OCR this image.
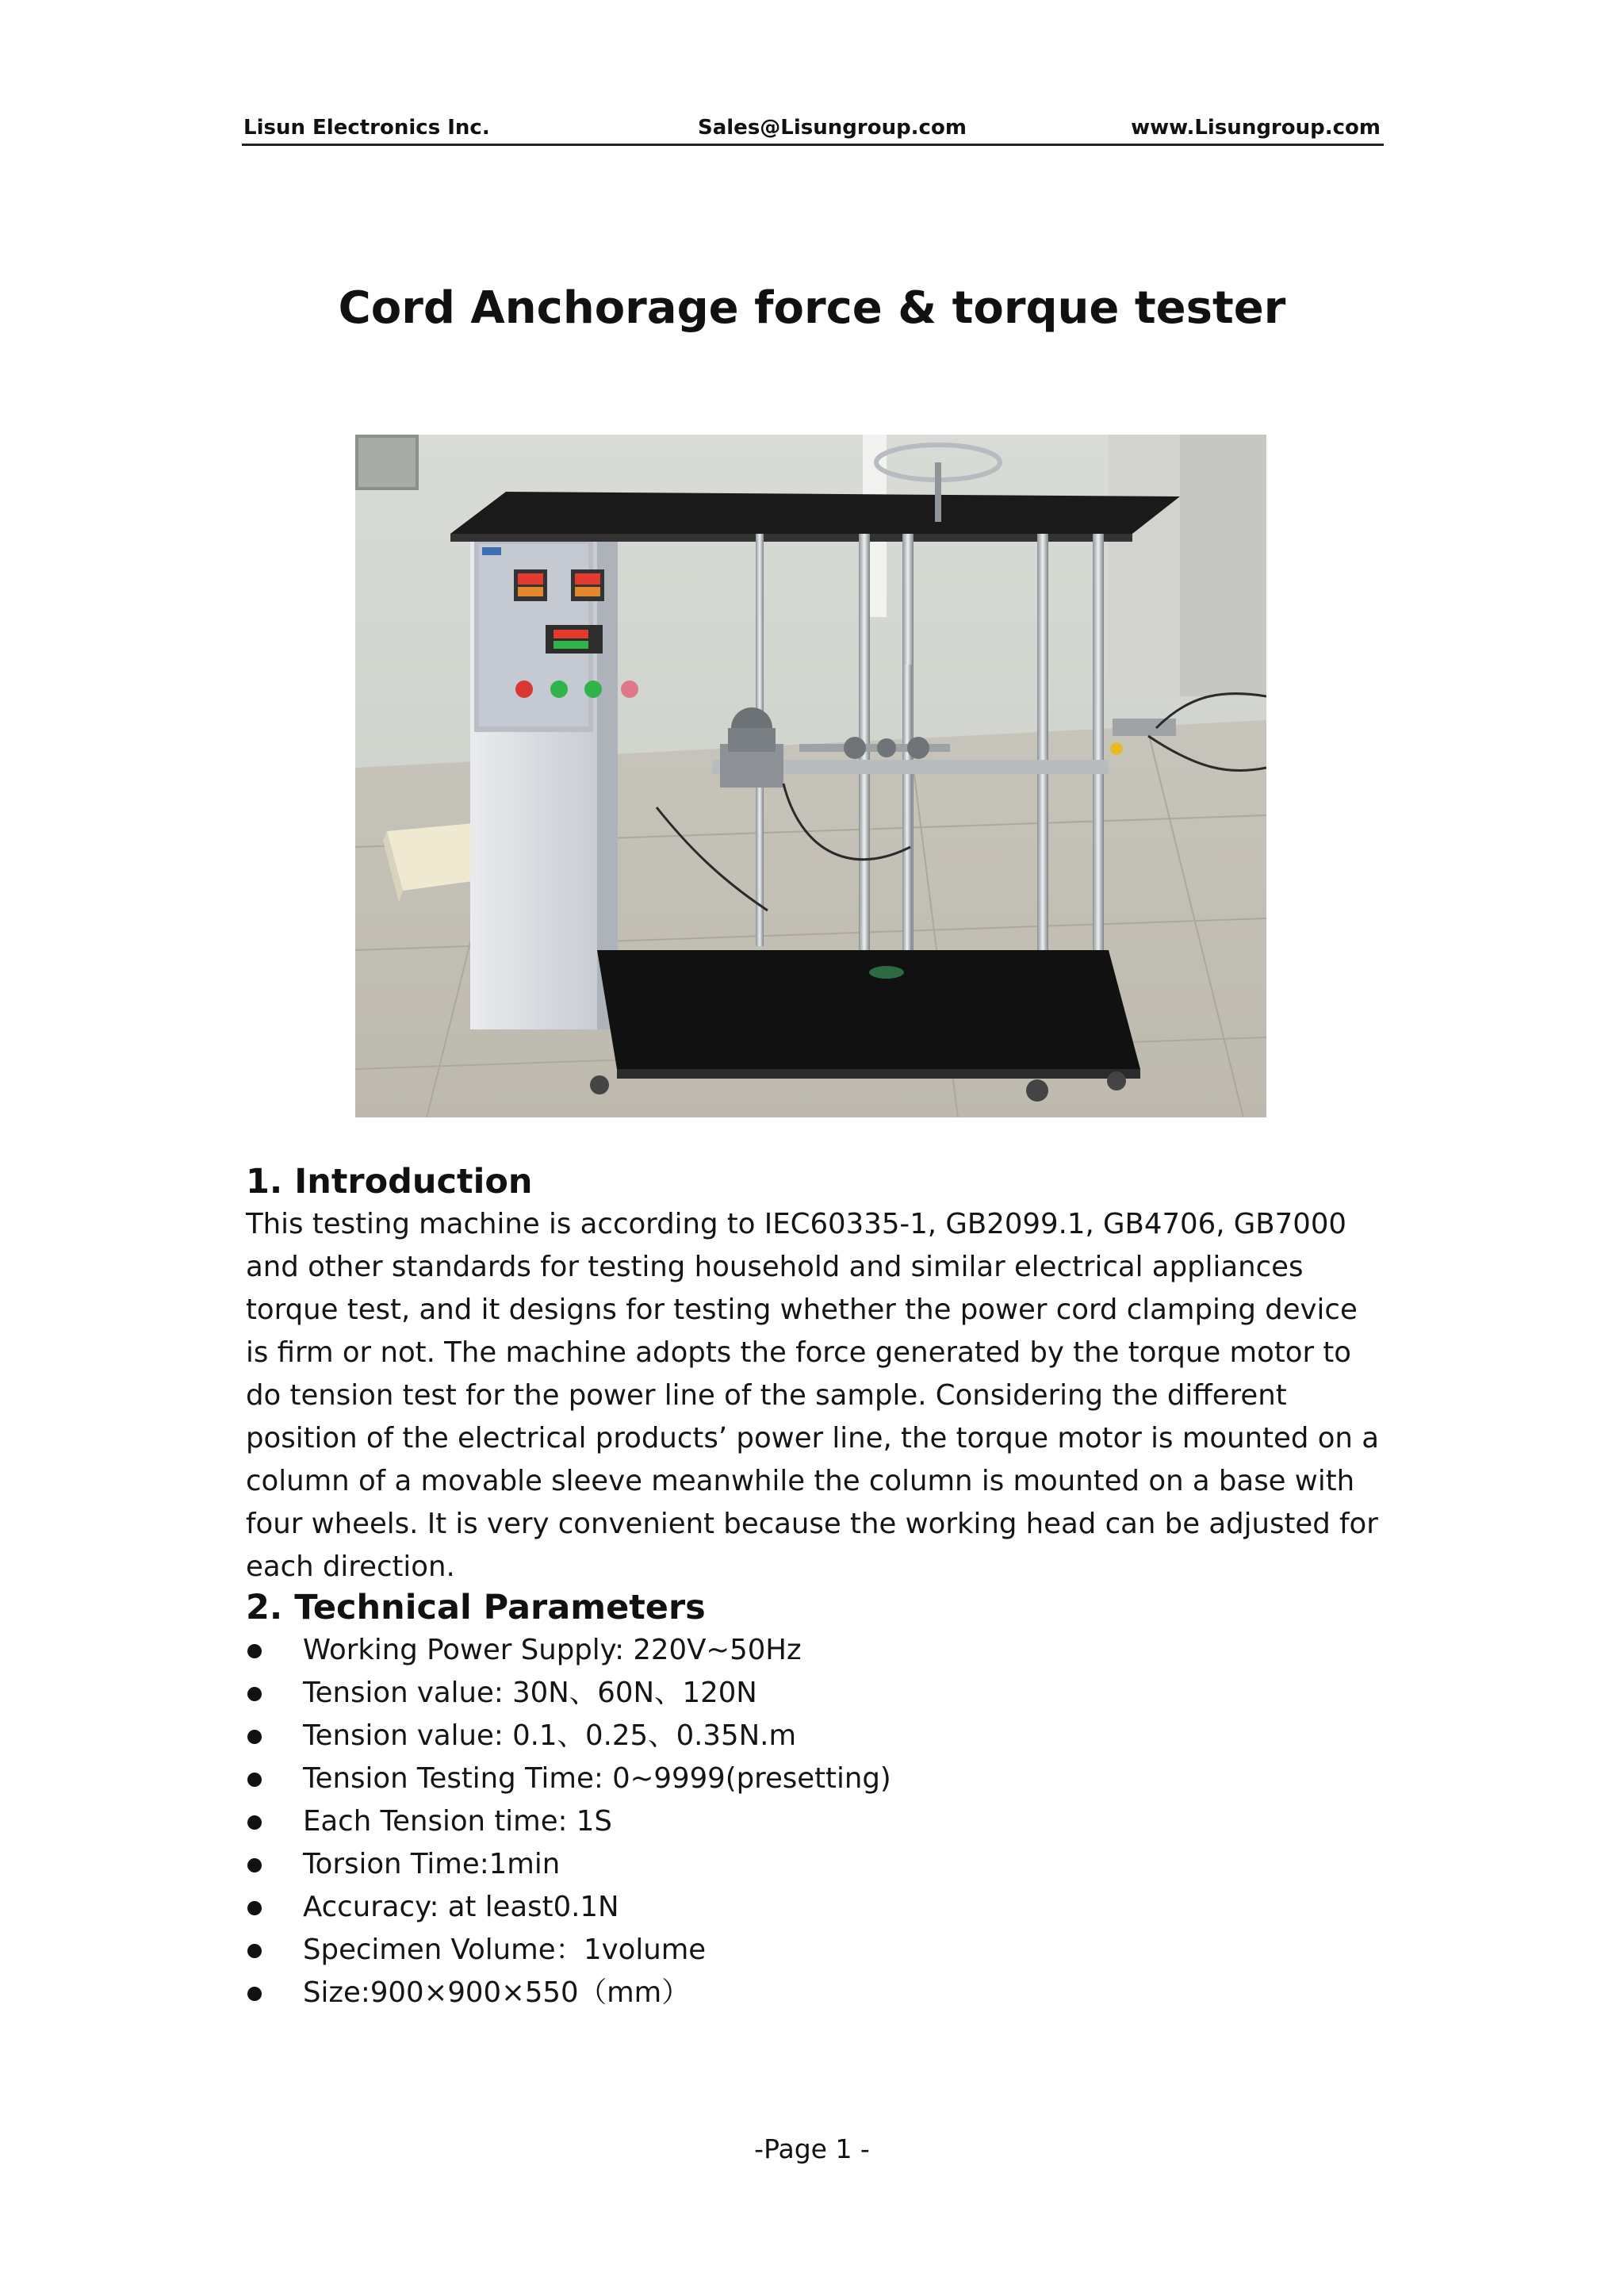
Lisun Electronics Inc.	Sales@Lisungroup.com	www.Lisungroup.com
Cord Anchorage force & torque tester
1. Introduction

This testing machine is according to IEC60335-1, GB2099.1, GB4706, GB7000 and other standards for testing household and similar electrical appliances torque test, and it designs for testing whether the power cord clamping device is firm or not. The machine adopts the force generated by the torque motor to do tension test for the power line of the sample. Considering the different position of the electrical products’ power line, the torque motor is mounted on a column of a movable sleeve meanwhile the column is mounted on a base with four wheels. It is very convenient because the working head can be adjusted for each direction.

2. Technical Parameters
Working Power Supply: 220V~50Hz
Tension value: 30N、60N、120N
Tension value: 0.1、0.25、0.35N.m
Tension Testing Time: 0~9999(presetting)
Each Tension time: 1S
Torsion Time:1min
Accuracy: at least0.1N
Specimen Volume：1volume
Size:900×900×550（mm）
-Page 1 -
